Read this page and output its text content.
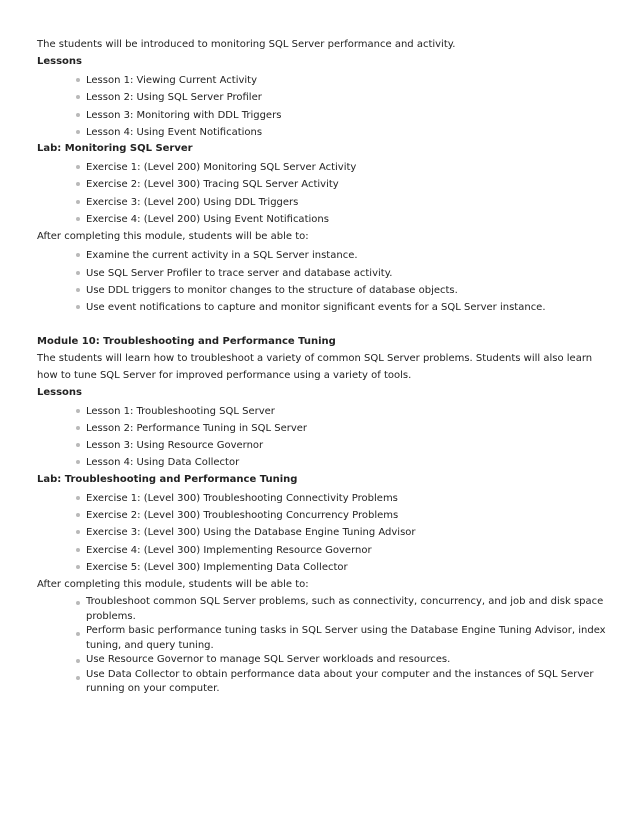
The students will be introduced to monitoring SQL Server performance and activity.

Lessons

Lesson 1: Viewing Current Activity
Lesson 2: Using SQL Server Profiler
Lesson 3: Monitoring with DDL Triggers
Lesson 4: Using Event Notifications

Lab: Monitoring SQL Server

Exercise 1: (Level 200) Monitoring SQL Server Activity
Exercise 2: (Level 300) Tracing SQL Server Activity
Exercise 3: (Level 200) Using DDL Triggers
Exercise 4: (Level 200) Using Event Notifications

After completing this module, students will be able to:

Examine the current activity in a SQL Server instance.
Use SQL Server Profiler to trace server and database activity.
Use DDL triggers to monitor changes to the structure of database objects.
Use event notifications to capture and monitor significant events for a SQL Server instance.

Module 10: Troubleshooting and Performance Tuning

The students will learn how to troubleshoot a variety of common SQL Server problems. Students will also learn how to tune SQL Server for improved performance using a variety of tools.

Lessons

Lesson 1: Troubleshooting SQL Server
Lesson 2: Performance Tuning in SQL Server
Lesson 3: Using Resource Governor
Lesson 4: Using Data Collector

Lab: Troubleshooting and Performance Tuning

Exercise 1: (Level 300) Troubleshooting Connectivity Problems
Exercise 2: (Level 300) Troubleshooting Concurrency Problems
Exercise 3: (Level 300) Using the Database Engine Tuning Advisor
Exercise 4: (Level 300) Implementing Resource Governor
Exercise 5: (Level 300) Implementing Data Collector

After completing this module, students will be able to:

Troubleshoot common SQL Server problems, such as connectivity, concurrency, and job and disk space problems.
Perform basic performance tuning tasks in SQL Server using the Database Engine Tuning Advisor, index tuning, and query tuning.
Use Resource Governor to manage SQL Server workloads and resources.
Use Data Collector to obtain performance data about your computer and the instances of SQL Server running on your computer.
